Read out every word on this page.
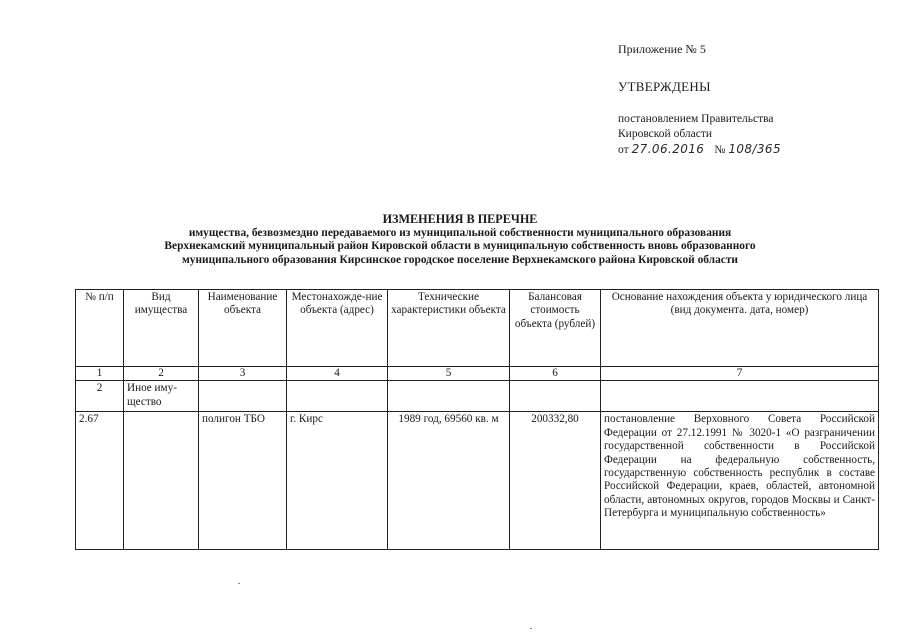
Приложение № 5
УТВЕРЖДЕНЫ
постановлением Правительства
Кировской области
от 27.06.2016 № 108/365
ИЗМЕНЕНИЯ В ПЕРЕЧНЕ
имущества, безвозмездно передаваемого из муниципальной собственности муниципального образования
Верхнекамский муниципальный район Кировской области в муниципальную собственность вновь образованного
муниципального образования Кирсинское городское поселение Верхнекамского района Кировской области
№ п/п	Вид имущества	Наименование объекта	Местонахожде-ние объекта (адрес)	Технические характеристики объекта	Балансовая стоимость объекта (рублей)	Основание нахождения объекта у юридического лица (вид документа. дата, номер)
1	2	3	4	5	6	7
2	Иное иму-щество					
2.67		полигон ТБО	г. Кирс	1989 год, 69560 кв. м	200332,80	постановление Верховного Совета Российской Федерации от 27.12.1991 № 3020-1 «О разграничении государственной собственности в Российской Федерации на федеральную собственность, государственную собственность республик в составе Российской Федерации, краев, областей, автономной области, автономных округов, городов Москвы и Санкт-Петербурга и муниципальную собственность»
